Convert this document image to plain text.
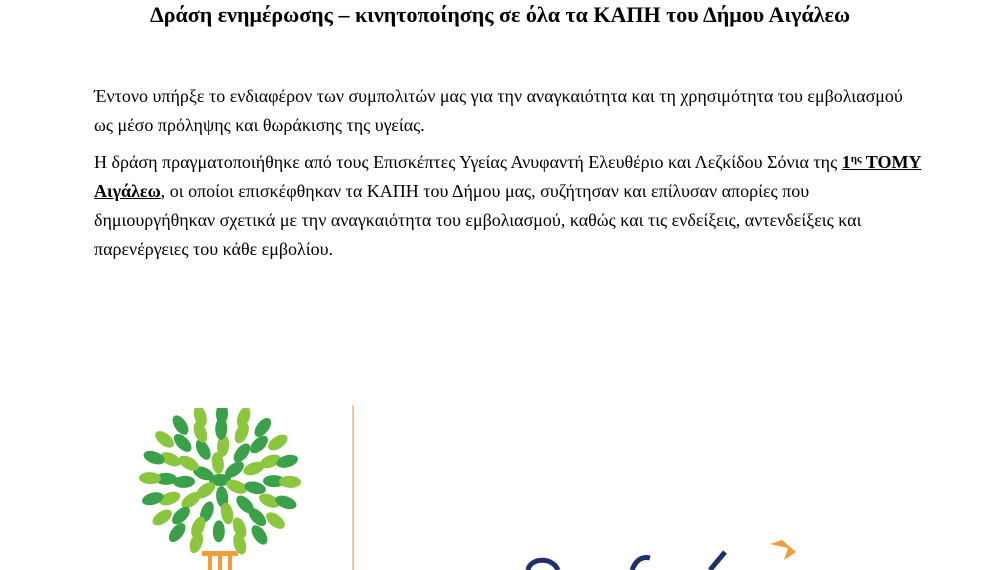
Δράση ενημέρωσης – κινητοποίησης σε όλα τα ΚΑΠΗ του Δήμου Αιγάλεω

Έντονο υπήρξε το ενδιαφέρον των συμπολιτών μας για την αναγκαιότητα και τη χρησιμότητα του εμβολιασμού ως μέσο πρόληψης και θωράκισης της υγείας.

Η δράση πραγματοποιήθηκε από τους Επισκέπτες Υγείας Ανυφαντή Ελευθέριο και Λεζκίδου Σόνια της $1^{\eta\varsigma}$ ΤΟΜΥ Αιγάλεω, οι οποίοι επισκέφθηκαν τα ΚΑΠΗ του Δήμου μας, συζήτησαν και επίλυσαν απορίες που δημιουργήθηκαν σχετικά με την αναγκαιότητα του εμβολιασμού, καθώς και τις ενδείξεις, αντενδείξεις και παρενέργειες του κάθε εμβολίου.
